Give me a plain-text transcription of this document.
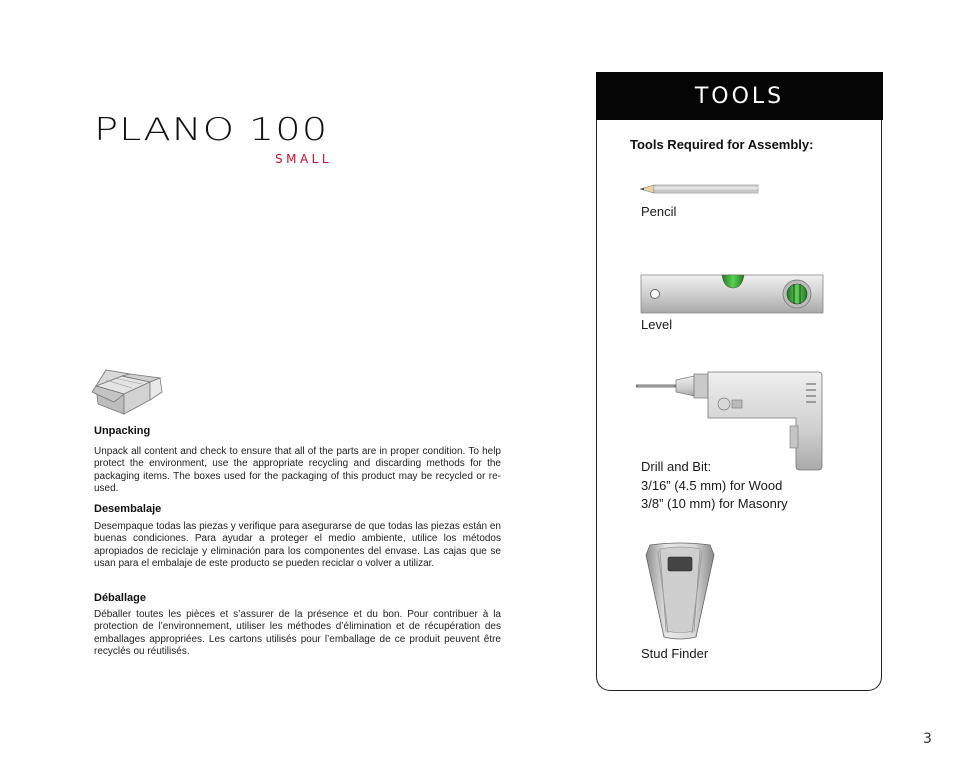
PLANO 100
SMALL
Unpacking
Unpack all content and check to ensure that all of the parts are in proper condition. To help protect the environment, use the appropriate recycling and discarding methods for the packaging items. The boxes used for the packaging of this product may be recycled or re-used.
Desembalaje
Desempaque todas las piezas y verifique para asegurarse de que todas las piezas están en buenas condiciones. Para ayudar a proteger el medio ambiente, utilice los métodos apropiados de reciclaje y eliminación para los componentes del envase. Las cajas que se usan para el embalaje de este producto se pueden reciclar o volver a utilizar.
Déballage
Déballer toutes les pièces et s’assurer de la présence et du bon. Pour contribuer à la protection de l’environnement, utiliser les méthodes d’élimination et de récupération des emballages appropriées. Les cartons utilisés pour l’emballage de ce produit peuvent être recyclés ou réutilisés.
TOOLS
Tools Required for Assembly:
Pencil
Level
Drill and Bit:
3/16” (4.5 mm) for Wood
3/8” (10 mm) for Masonry
Stud Finder
3
